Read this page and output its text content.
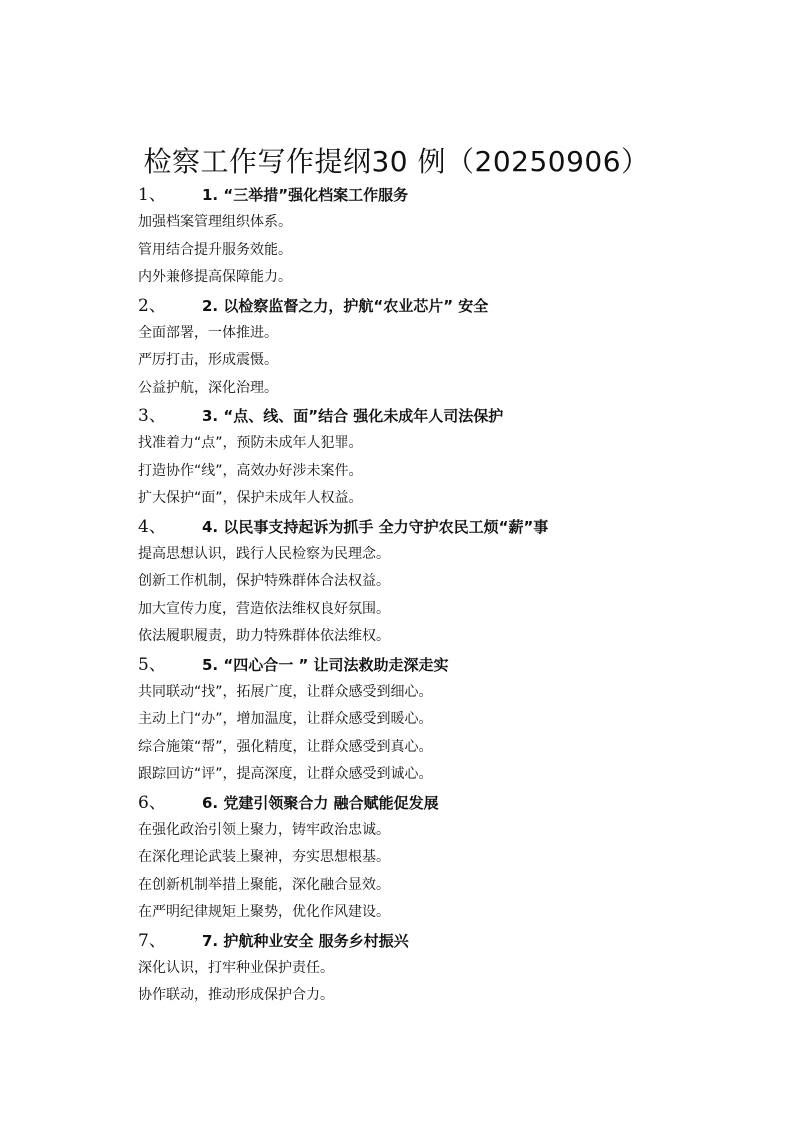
检察工作写作提纲30 例（20250906）
1、	1. “三举措”强化档案工作服务
加强档案管理组织体系。
管用结合提升服务效能。
内外兼修提高保障能力。
2、	2. 以检察监督之力，护航“农业芯片” 安全
全面部署，一体推进。
严厉打击，形成震慑。
公益护航，深化治理。
3、	3. “点、线、面”结合 强化未成年人司法保护
找准着力“点”，预防未成年人犯罪。
打造协作“线”，高效办好涉未案件。
扩大保护“面”，保护未成年人权益。
4、	4. 以民事支持起诉为抓手 全力守护农民工烦“薪”事
提高思想认识，践行人民检察为民理念。
创新工作机制，保护特殊群体合法权益。
加大宣传力度，营造依法维权良好氛围。
依法履职履责，助力特殊群体依法维权。
5、	5. “四心合一 ” 让司法救助走深走实
共同联动“找”，拓展广度，让群众感受到细心。
主动上门“办”，增加温度，让群众感受到暖心。
综合施策“帮”，强化精度，让群众感受到真心。
跟踪回访“评”，提高深度，让群众感受到诚心。
6、	6. 党建引领聚合力 融合赋能促发展
在强化政治引领上聚力，铸牢政治忠诚。
在深化理论武装上聚神，夯实思想根基。
在创新机制举措上聚能，深化融合显效。
在严明纪律规矩上聚势，优化作风建设。
7、	7. 护航种业安全 服务乡村振兴
深化认识，打牢种业保护责任。
协作联动，推动形成保护合力。
